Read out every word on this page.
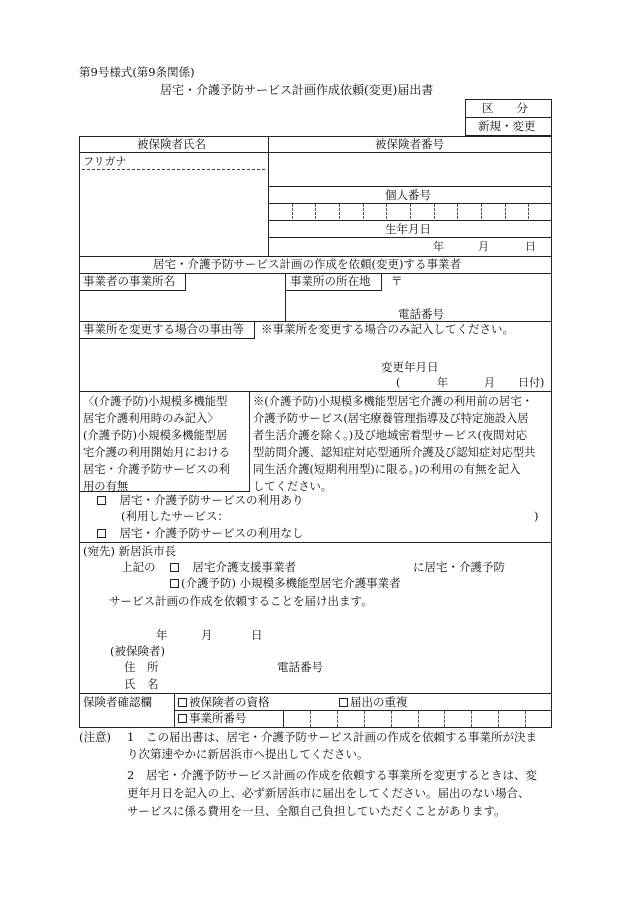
第9号様式(第9条関係)
居宅・介護予防サービス計画作成依頼(変更)届出書
区　　分
新規・変更
被保険者氏名	被保険者番号
フリガナ
個人番号
生年月日
年	月	日
居宅・介護予防サービス計画の作成を依頼(変更)する事業者
事業者の事業所名	事業所の所在地 〒
電話番号
事業所を変更する場合の事由等 ※事業所を変更する場合のみ記入してください。
変更年月日
(	年	月 日付)
〈(介護予防)小規模多機能型
居宅介護利用時のみ記入〉
(介護予防)小規模多機能型居
宅介護の利用開始月における
居宅・介護予防サービスの利
用の有無
※(介護予防)小規模多機能型居宅介護の利用前の居宅・
介護予防サービス(居宅療養管理指導及び特定施設入居
者生活介護を除く。)及び地域密着型サービス(夜間対応
型訪問介護、認知症対応型通所介護及び認知症対応型共
同生活介護(短期利用型)に限る。)の利用の有無を記入
してください。
　居宅・介護予防サービスの利用あり
(利用したサービス：	)
　居宅・介護予防サービスの利用なし
(宛先) 新居浜市長
上記の
　	居宅介護支援事業者	に居宅・介護予防
(介護予防) 小規模多機能型居宅介護事業者
サービス計画の作成を依頼することを届け出ます。
年	月	日
(被保険者)
住　所	電話番号
氏　名
保険者確認欄	被保険者の資格	届出の重複
事業所番号
(注意) 1 この届出書は、居宅・介護予防サービス計画の作成を依頼する事業所が決ま
り次第速やかに新居浜市へ提出してください。
2 居宅・介護予防サービス計画の作成を依頼する事業所を変更するときは、変
更年月日を記入の上、必ず新居浜市に届出をしてください。届出のない場合、
サービスに係る費用を一旦、全額自己負担していただくことがあります。
